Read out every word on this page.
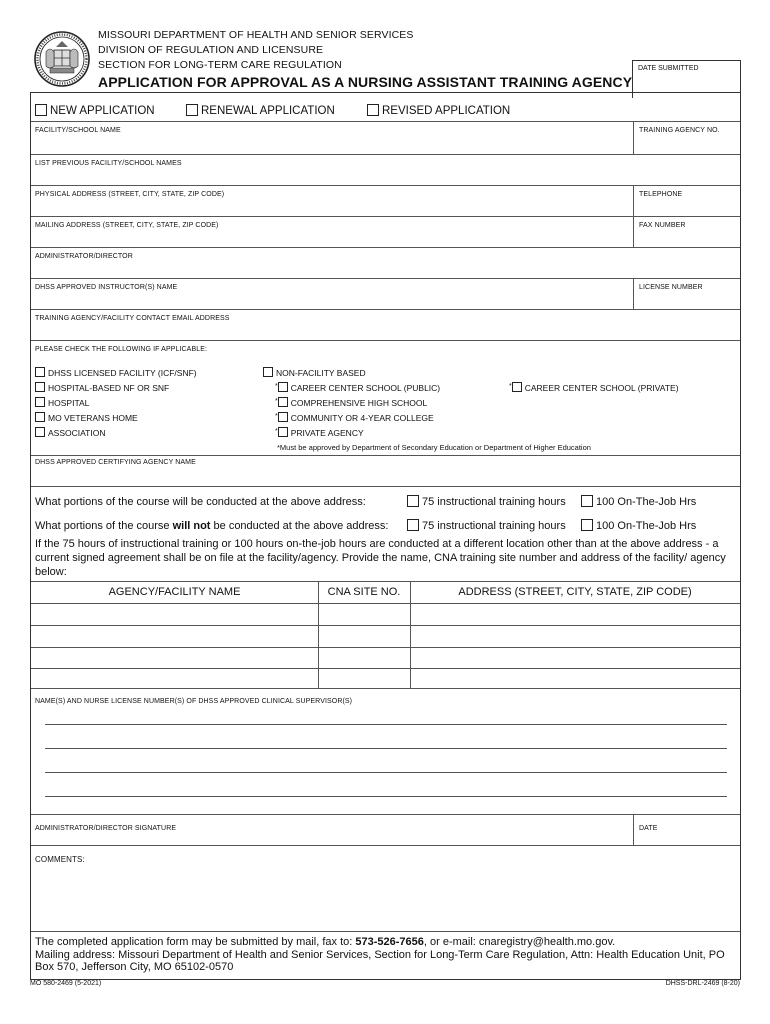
MISSOURI DEPARTMENT OF HEALTH AND SENIOR SERVICES
DIVISION OF REGULATION AND LICENSURE
SECTION FOR LONG-TERM CARE REGULATION
APPLICATION FOR APPROVAL AS A NURSING ASSISTANT TRAINING AGENCY
DATE SUBMITTED
NEW APPLICATION	RENEWAL APPLICATION	REVISED APPLICATION
FACILITY/SCHOOL NAME	TRAINING AGENCY NO.
LIST PREVIOUS FACILITY/SCHOOL NAMES
PHYSICAL ADDRESS (STREET, CITY, STATE, ZIP CODE)	TELEPHONE
MAILING ADDRESS (STREET, CITY, STATE, ZIP CODE)	FAX NUMBER
ADMINISTRATOR/DIRECTOR
DHSS APPROVED INSTRUCTOR(S) NAME	LICENSE NUMBER
TRAINING AGENCY/FACILITY CONTACT EMAIL ADDRESS
PLEASE CHECK THE FOLLOWING IF APPLICABLE:
DHSS LICENSED FACILITY (ICF/SNF)
HOSPITAL-BASED NF OR SNF
HOSPITAL
MO VETERANS HOME
ASSOCIATION
NON-FACILITY BASED
* CAREER CENTER SCHOOL (PUBLIC)
* COMPREHENSIVE HIGH SCHOOL
* COMMUNITY OR 4-YEAR COLLEGE
* PRIVATE AGENCY
* CAREER CENTER SCHOOL (PRIVATE)
*Must be approved by Department of Secondary Education or Department of Higher Education
DHSS APPROVED CERTIFYING AGENCY NAME
What portions of the course will be conducted at the above address:	75 instructional training hours	100 On-The-Job Hrs
What portions of the course will not be conducted at the above address:	75 instructional training hours	100 On-The-Job Hrs
If the 75 hours of instructional training or 100 hours on-the-job hours are conducted at a different location other than at the above address - a current signed agreement shall be on file at the facility/agency. Provide the name, CNA training site number and address of the facility/ agency below:
AGENCY/FACILITY NAME	CNA SITE NO.	ADDRESS (STREET, CITY, STATE, ZIP CODE)
NAME(S) AND NURSE LICENSE NUMBER(S) OF DHSS APPROVED CLINICAL SUPERVISOR(S)
ADMINISTRATOR/DIRECTOR SIGNATURE	DATE
COMMENTS:
The completed application form may be submitted by mail, fax to: 573-526-7656, or e-mail: cnaregistry@health.mo.gov.
Mailing address: Missouri Department of Health and Senior Services, Section for Long-Term Care Regulation, Attn: Health Education Unit, PO Box 570, Jefferson City, MO 65102-0570
MO 580-2469 (5-2021)	DHSS-DRL-2469 (8-20)
